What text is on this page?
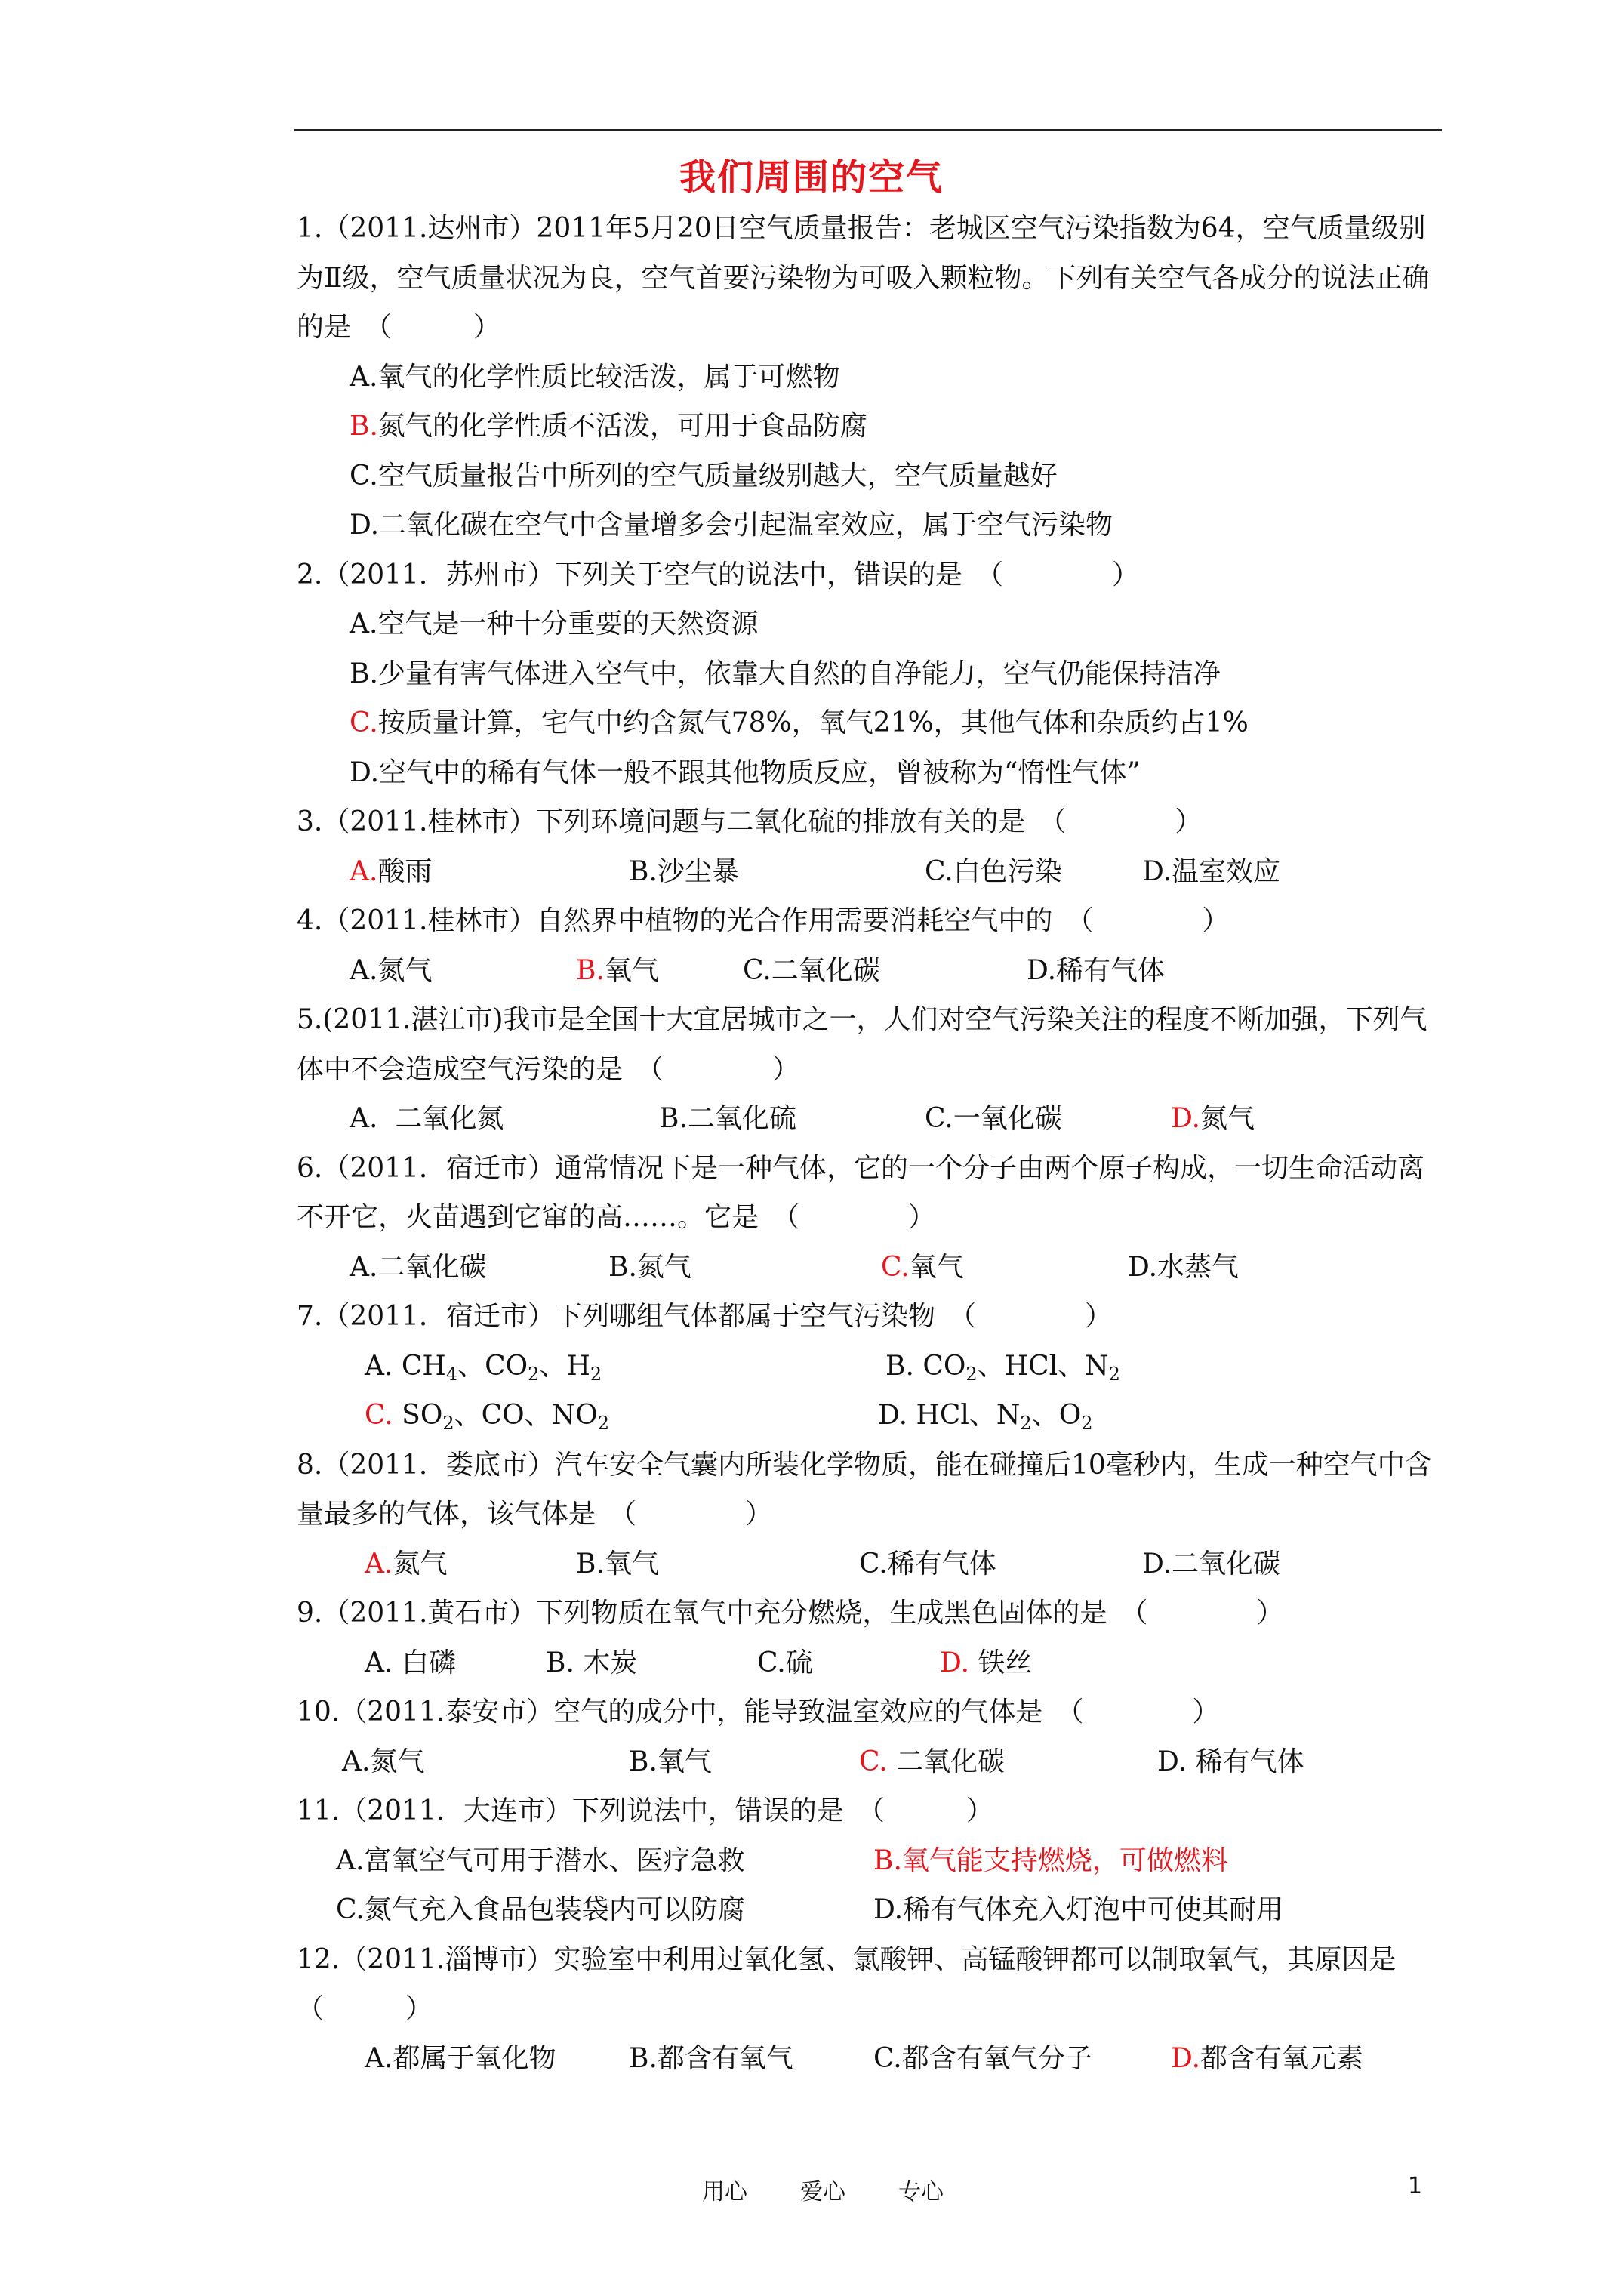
我们周围的空气

1.（2011.达州市）2011年5月20日空气质量报告：老城区空气污染指数为64，空气质量级别为Ⅱ级，空气质量状况为良，空气首要污染物为可吸入颗粒物。下列有关空气各成分的说法正确的是　（　　　）

A.氧气的化学性质比较活泼，属于可燃物
B.氮气的化学性质不活泼，可用于食品防腐
C.空气质量报告中所列的空气质量级别越大，空气质量越好
D.二氧化碳在空气中含量增多会引起温室效应，属于空气污染物

2.（2011．苏州市）下列关于空气的说法中，错误的是　（　　　　）

A.空气是一种十分重要的天然资源
B.少量有害气体进入空气中，依靠大自然的自净能力，空气仍能保持洁净
C.按质量计算，宅气中约含氮气78%，氧气21%，其他气体和杂质约占1%
D.空气中的稀有气体一般不跟其他物质反应，曾被称为“惰性气体”

3.（2011.桂林市）下列环境问题与二氧化硫的排放有关的是　（　　　　）

A.酸雨	B.沙尘暴	C.白色污染	D.温室效应

4.（2011.桂林市）自然界中植物的光合作用需要消耗空气中的　（　　　　）

A.氮气	B.氧气	C.二氧化碳	D.稀有气体

5.(2011.湛江市)我市是全国十大宜居城市之一，人们对空气污染关注的程度不断加强，下列气体中不会造成空气污染的是　（　　　　）

A. 二氧化氮	B.二氧化硫	C.一氧化碳	D.氮气

6.（2011．宿迁市）通常情况下是一种气体，它的一个分子由两个原子构成，一切生命活动离不开它，火苗遇到它窜的高……。它是　（　　　　）

A.二氧化碳	B.氮气	C.氧气	D.水蒸气

7.（2011．宿迁市）下列哪组气体都属于空气污染物　（　　　　）

A. $CH_4$、$CO_2$、$H_2$	B. $CO_2$、HCl、$N_2$
C. $SO_2$、CO、$NO_2$	D. HCl、$N_2$、$O_2$

8.（2011．娄底市）汽车安全气囊内所装化学物质，能在碰撞后10毫秒内，生成一种空气中含量最多的气体，该气体是　（　　　　）

A.氮气	B.氧气	C.稀有气体	D.二氧化碳

9.（2011.黄石市）下列物质在氧气中充分燃烧，生成黑色固体的是　（　　　　）

A. 白磷	B. 木炭	C.硫	D. 铁丝

10.（2011.泰安市）空气的成分中，能导致温室效应的气体是　（　　　　）

A.氮气	B.氧气	C. 二氧化碳	D. 稀有气体

11.（2011．大连市）下列说法中，错误的是　（　　　）

A.富氧空气可用于潜水、医疗急救	B.氧气能支持燃烧，可做燃料
C.氮气充入食品包装袋内可以防腐	D.稀有气体充入灯泡中可使其耐用

12.（2011.淄博市）实验室中利用过氧化氢、氯酸钾、高锰酸钾都可以制取氧气，其原因是　（　　　）

A.都属于氧化物	B.都含有氧气	C.都含有氧气分子	D.都含有氧元素
用心 爱心 专心	1
